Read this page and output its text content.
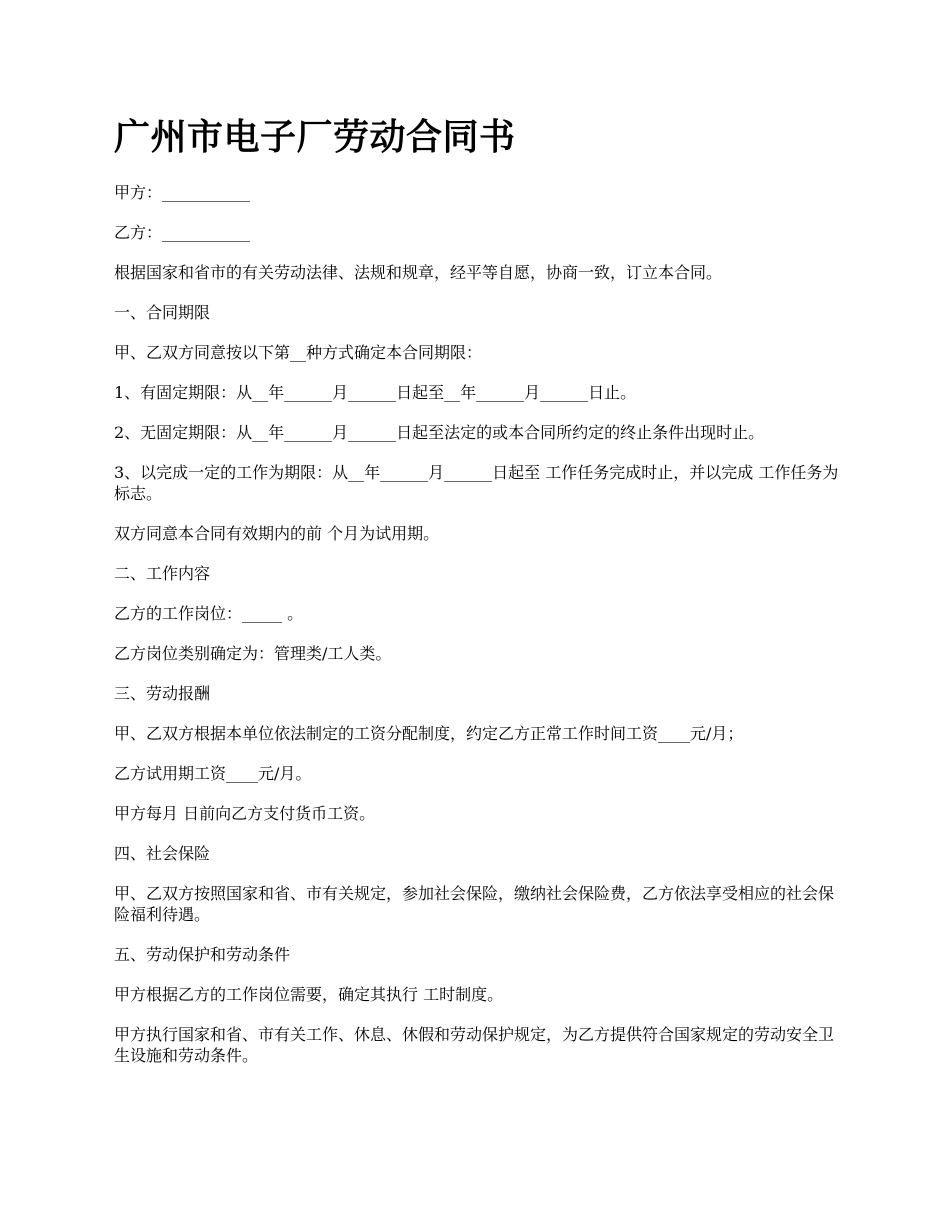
广州市电子厂劳动合同书

甲方：___________

乙方：___________

根据国家和省市的有关劳动法律、法规和规章，经平等自愿，协商一致，订立本合同。

一、合同期限

甲、乙双方同意按以下第__种方式确定本合同期限：

1、有固定期限：从__年______月______日起至__年______月______日止。

2、无固定期限：从__年______月______日起至法定的或本合同所约定的终止条件出现时止。

3、以完成一定的工作为期限：从__年______月______日起至 工作任务完成时止，并以完成 工作任务为标志。

双方同意本合同有效期内的前 个月为试用期。

二、工作内容

乙方的工作岗位：_____ 。

乙方岗位类别确定为：管理类/工人类。

三、劳动报酬

甲、乙双方根据本单位依法制定的工资分配制度，约定乙方正常工作时间工资____元/月；

乙方试用期工资____元/月。

甲方每月 日前向乙方支付货币工资。

四、社会保险

甲、乙双方按照国家和省、市有关规定，参加社会保险，缴纳社会保险费，乙方依法享受相应的社会保险福利待遇。

五、劳动保护和劳动条件

甲方根据乙方的工作岗位需要，确定其执行 工时制度。

甲方执行国家和省、市有关工作、休息、休假和劳动保护规定，为乙方提供符合国家规定的劳动安全卫生设施和劳动条件。
